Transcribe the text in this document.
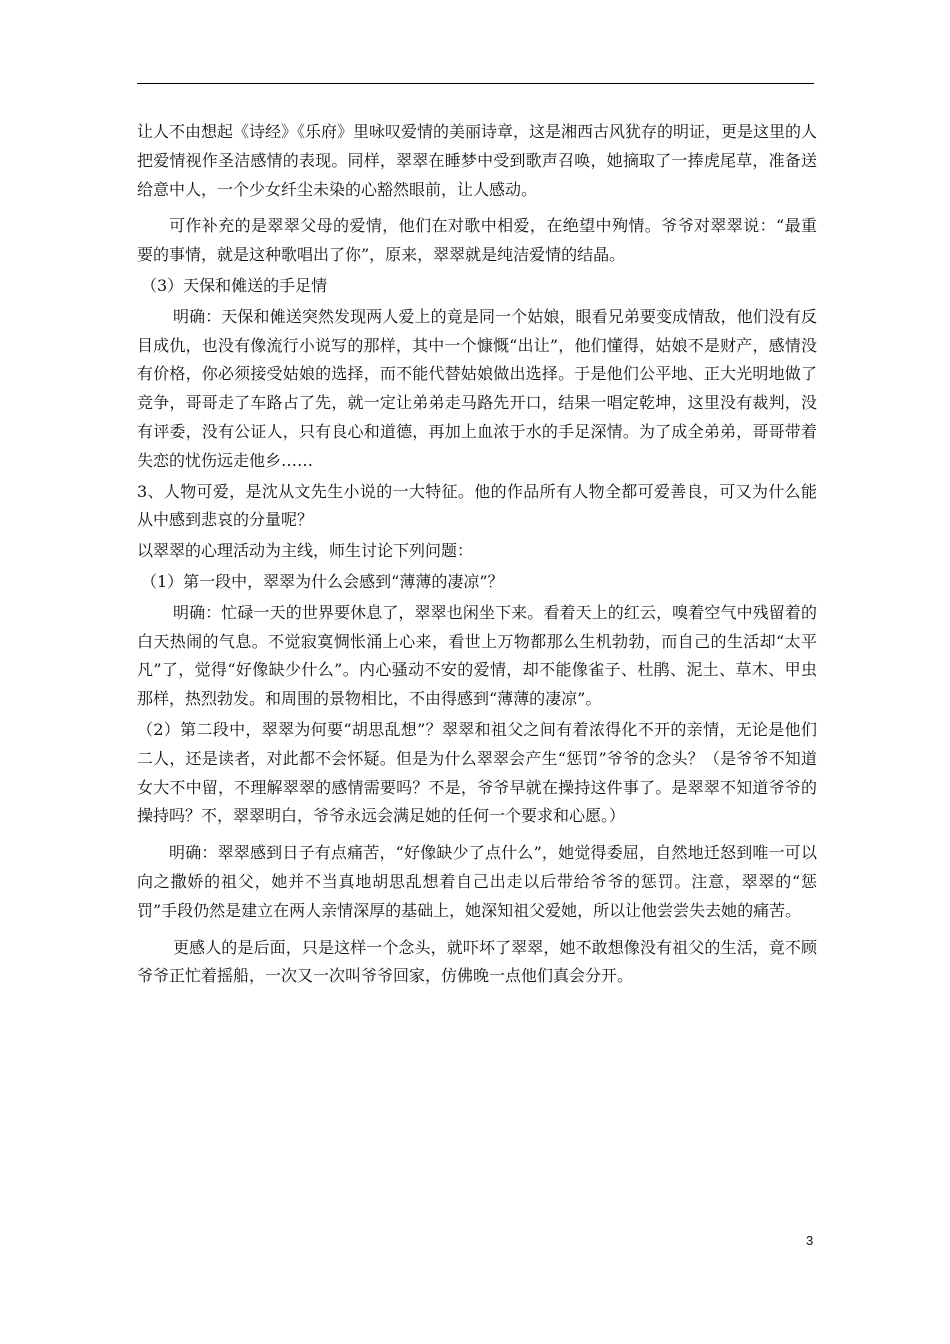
让人不由想起《诗经》《乐府》里咏叹爱情的美丽诗章，这是湘西古风犹存的明证，更是这里的人把爱情视作圣洁感情的表现。同样，翠翠在睡梦中受到歌声召唤，她摘取了一捧虎尾草，准备送给意中人，一个少女纤尘未染的心豁然眼前，让人感动。

可作补充的是翠翠父母的爱情，他们在对歌中相爱，在绝望中殉情。爷爷对翠翠说：“最重要的事情，就是这种歌唱出了你”，原来，翠翠就是纯洁爱情的结晶。

（3）天保和傩送的手足情

明确：天保和傩送突然发现两人爱上的竟是同一个姑娘，眼看兄弟要变成情敌，他们没有反目成仇，也没有像流行小说写的那样，其中一个慷慨“出让”，他们懂得，姑娘不是财产，感情没有价格，你必须接受姑娘的选择，而不能代替姑娘做出选择。于是他们公平地、正大光明地做了竞争，哥哥走了车路占了先，就一定让弟弟走马路先开口，结果一唱定乾坤，这里没有裁判，没有评委，没有公证人，只有良心和道德，再加上血浓于水的手足深情。为了成全弟弟，哥哥带着失恋的忧伤远走他乡……

3、人物可爱，是沈从文先生小说的一大特征。他的作品所有人物全都可爱善良，可又为什么能从中感到悲哀的分量呢？

以翠翠的心理活动为主线，师生讨论下列问题：

（1）第一段中，翠翠为什么会感到“薄薄的凄凉”？

明确：忙碌一天的世界要休息了，翠翠也闲坐下来。看着天上的红云，嗅着空气中残留着的白天热闹的气息。不觉寂寞惆怅涌上心来，看世上万物都那么生机勃勃，而自己的生活却“太平凡”了，觉得“好像缺少什么”。内心骚动不安的爱情，却不能像雀子、杜鹃、泥土、草木、甲虫那样，热烈勃发。和周围的景物相比，不由得感到“薄薄的凄凉”。

（2）第二段中，翠翠为何要“胡思乱想”？翠翠和祖父之间有着浓得化不开的亲情，无论是他们二人，还是读者，对此都不会怀疑。但是为什么翠翠会产生“惩罚”爷爷的念头？（是爷爷不知道女大不中留，不理解翠翠的感情需要吗？不是，爷爷早就在操持这件事了。是翠翠不知道爷爷的操持吗？不，翠翠明白，爷爷永远会满足她的任何一个要求和心愿。）

明确：翠翠感到日子有点痛苦，“好像缺少了点什么”，她觉得委屈，自然地迁怒到唯一可以向之撒娇的祖父，她并不当真地胡思乱想着自己出走以后带给爷爷的惩罚。注意，翠翠的“惩罚”手段仍然是建立在两人亲情深厚的基础上，她深知祖父爱她，所以让他尝尝失去她的痛苦。

更感人的是后面，只是这样一个念头，就吓坏了翠翠，她不敢想像没有祖父的生活，竟不顾爷爷正忙着摇船，一次又一次叫爷爷回家，仿佛晚一点他们真会分开。

3
